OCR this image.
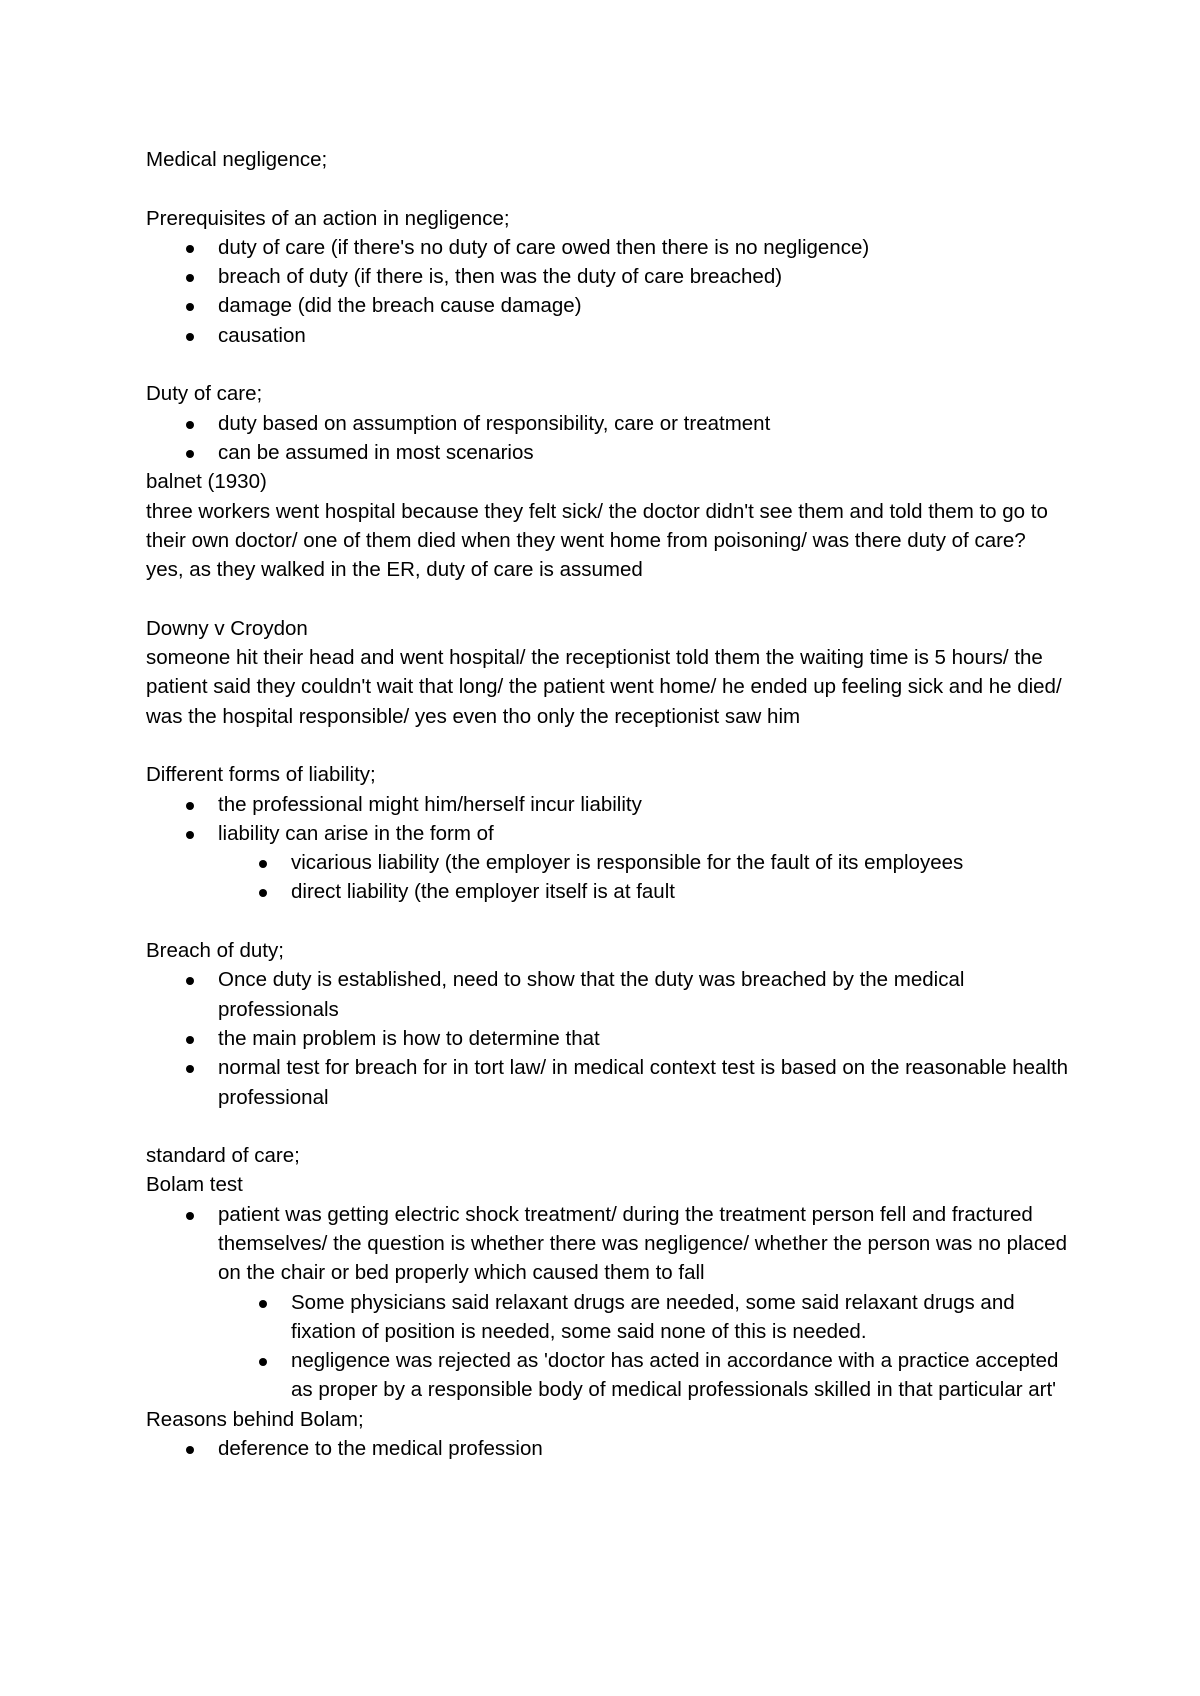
Medical negligence;

Prerequisites of an action in negligence;

duty of care (if there's no duty of care owed then there is no negligence)
breach of duty (if there is, then was the duty of care breached)
damage (did the breach cause damage)
causation

Duty of care;

duty based on assumption of responsibility, care or treatment
can be assumed in most scenarios

balnet (1930)

three workers went hospital because they felt sick/ the doctor didn't see them and told them to go to their own doctor/ one of them died when they went home from poisoning/ was there duty of care?

yes, as they walked in the ER, duty of care is assumed

Downy v Croydon

someone hit their head and went hospital/ the receptionist told them the waiting time is 5 hours/ the patient said they couldn't wait that long/ the patient went home/ he ended up feeling sick and he died/ was the hospital responsible/ yes even tho only the receptionist saw him

Different forms of liability;

the professional might him/herself incur liability
liability can arise in the form of
vicarious liability (the employer is responsible for the fault of its employees
direct liability (the employer itself is at fault

Breach of duty;

Once duty is established, need to show that the duty was breached by the medical professionals
the main problem is how to determine that
normal test for breach for in tort law/ in medical context test is based on the reasonable health professional

standard of care;

Bolam test

patient was getting electric shock treatment/ during the treatment person fell and fractured themselves/ the question is whether there was negligence/ whether the person was no placed on the chair or bed properly which caused them to fall
Some physicians said relaxant drugs are needed, some said relaxant drugs and fixation of position is needed, some said none of this is needed.
negligence was rejected as 'doctor has acted in accordance with a practice accepted as proper by a responsible body of medical professionals skilled in that particular art'

Reasons behind Bolam;

deference to the medical profession
